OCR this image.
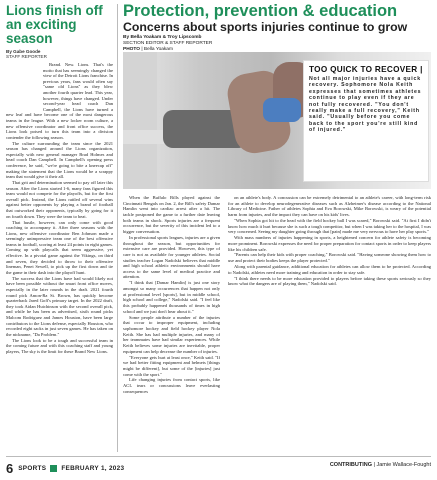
Lions finish off an exciting season
By Gabe Goode
STAFF REPORTER

Brand. New. Lions. That's the motto that has seemingly changed the view of the Detroit Lions franchise. In previous years, fans would often say "same old Lions" as they blew another fourth quarter lead. This year, however, things have changed. Under second-year head coach Dan Campbell, the Lions have turned a new leaf and have become one of the most dangerous teams in the league. With a new locker room culture, a new offensive coordinator and front office success, the Lions look poised to turn this team into a division contender the following season.

The culture surrounding the team since the 2021 season has changed around the Lions organization, especially with new general manager Brad Holmes and head coach Dan Campbell. In Campbell's opening press conference, he said, "we're going to bite a kneecap off" making the statement that the Lions would be a scrappy team that would give it their all.

That grit and determination seemed to pay off later this season. After the Lions started 1-6, many fans figured this team would not compete for the playoffs, but for the first overall pick. Instead, the Lions rattled off several wins against better opponents by playing a brand of football that outworked their opponents, typically by going for it on fourth down. They were the team to beat.

That hustle, however, can only come with good coaching to accompany it. After three seasons with the Lions, new offensive coordinator Ben Johnson made a seemingly unimpressive team one of the best offensive teams in football, scoring at least 24 points in eight games. Coming up with playcalls that seem aggressive, yet effective. In a pivotal game against the Vikings, on third and seven, they decided to throw to their offensive lineman, Penei Sewell, to pick up the first down and tie the game in their dash into the playoff hunt.

The success that the Lions have had would likely not have been possible without the smart front office moves, especially in the later rounds in the draft. 2021 fourth round pick Amon-Ra St. Brown, has quickly become quarterback Jared Goff's primary target. In the 2022 draft, they took Aidan Hutchinson with the second overall pick, and while he has been as advertised, sixth round picks Malcom Rodriguez and James Houston, have been large contributors to the Lions defense, especially Houston, who recorded eight sacks in just seven games. He has taken on the nickname, "Da Problem."

The Lions look to be a tough and successful team in the coming future and with this coaching staff and young players, The sky is the limit for these Brand New Lions.

Protection, prevention & education
Concerns about sports injuries continue to grow
By Bella Yoakam & Troy Lipscomb
SECTION EDITOR & STAFF REPORTER
PHOTO | Bella Yoakam
TOO QUICK TO RECOVER |

Not all major injuries have a quick recovery. Sophomore Nola Keith expresses that sometimes athletes continue to play even if they are not fully recovered. "You don't really make a full recovery," Keith said. "Usually before you come back to the sport you're still kind of injured."

When the Buffalo Bills played against the Cincinnati Bengals on Jan. 2, the Bill's safety Damar Hamlin went into cardiac arrest after a hit. The tackle postponed the game to a further date leaving both teams in shock. Sports injuries are a frequent occurrence, but the severity of this incident led to a bigger conversation.

In professional sports leagues, injuries are a given throughout the season, but opportunities for extensive care are provided. However, this type of care is not as available for younger athletes. Social studies teacher Logan Nadolski believes that middle and high school athletic environments should have access to the same level of medical practice and attention.

"I think that [Damar Hamlin] is just one story amongst so many occurrences that happen not only at professional level [sports], but in middle school, high school and college," Nadolski said. "I feel like this probably happened thousands of times in high school and we just don't hear about it."

Some people attribute a number of the injuries that occur to improper equipment, including sophomore hockey and field hockey player Nola Keith. She has had multiple injuries, and many of her teammates have had similar experiences. While Keith believes some injuries are inevitable, proper equipment can help decrease the number of injuries.

"Everyone gets hurt at least once," Keith said. "If we had better fitting equipment and helmets [things might be different], but some of the [injuries] just come with the sport."

Life changing injuries from contact sports, like ACL tears or concussions leave everlasting consequences

on an athlete's body. A concussion can be extremely detrimental to an athlete's career, with long-term risk for an athlete to develop neurodegenerative diseases such as Alzheimer's disease according to the National Library of Medicine. Father of athletes Sophia and Eva Borowski, Mike Borowski, is weary of the potential harm from injuries, and the impact they can have on his kids' lives.

"When Sophia got hit to the head with the field hockey ball I was scared," Borowski said. "At first I didn't know how much it hurt because she is such a tough competitor, but when I was taking her to the hospital, I was very concerned. Seeing my daughter going through that [pain] made me very nervous to have her play sports."

With mass numbers of injuries happening in sports, a heightened concern for athlete safety is becoming more prominent. Borowski expresses the need for proper preparation for contact sports in order to keep players like his children safe.

"Parents can help their kids with proper coaching," Borowski said. "Having someone showing them how to use and protect their bodies keeps the player protected."

Along with parental guidance, additional education for athletes can allow them to be protected. According to Nadolski, athletes need more training and education in order to stay safe.

"I think there needs to be more education provided to players before taking these sports seriously so they know what the dangers are of playing them," Nadolski said.

CONTRIBUTING | Jamie Wallace-Fought
6 SPORTS FEBRUARY 1, 2023
